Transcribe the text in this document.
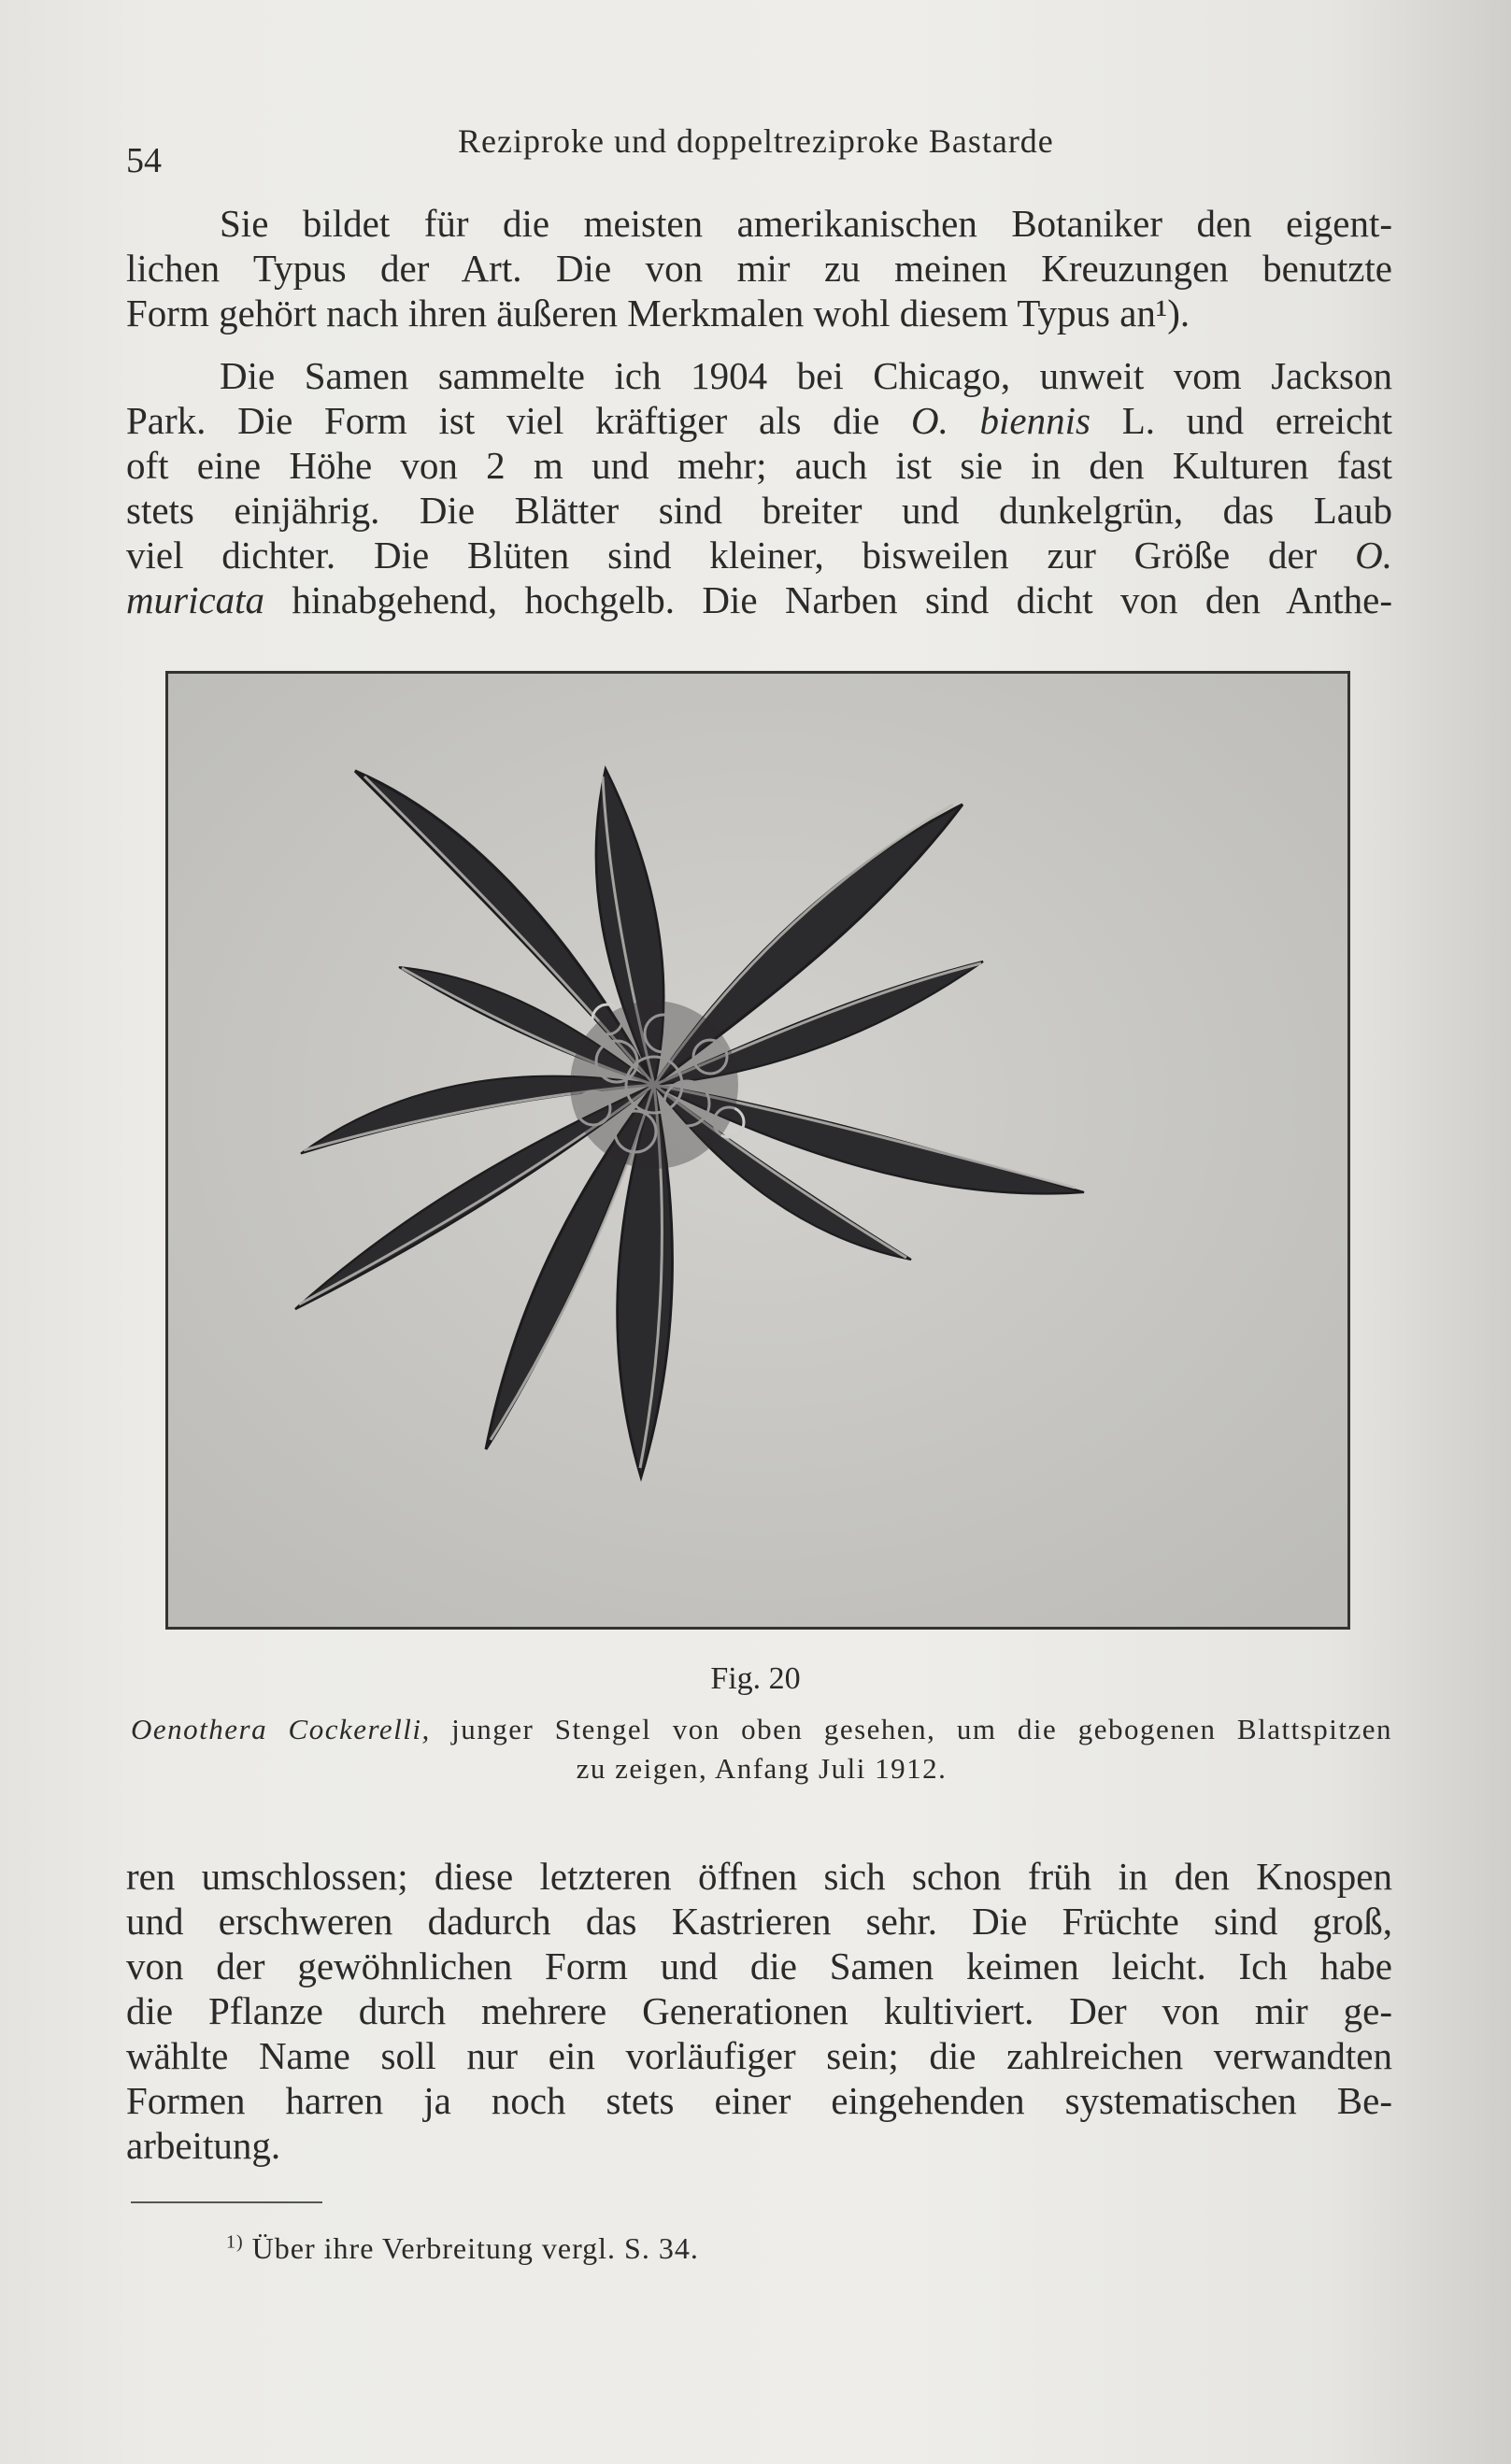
54	Reziproke und doppeltreziproke Bastarde
Sie bildet für die meisten amerikanischen Botaniker den eigent-
lichen Typus der Art. Die von mir zu meinen Kreuzungen benutzte
Form gehört nach ihren äußeren Merkmalen wohl diesem Typus an¹).
Die Samen sammelte ich 1904 bei Chicago, unweit vom Jackson
Park. Die Form ist viel kräftiger als die O. biennis L. und erreicht
oft eine Höhe von 2 m und mehr; auch ist sie in den Kulturen fast
stets einjährig. Die Blätter sind breiter und dunkelgrün, das Laub
viel dichter. Die Blüten sind kleiner, bisweilen zur Größe der O.
muricata hinabgehend, hochgelb. Die Narben sind dicht von den Anthe-
Fig. 20
Oenothera Cockerelli, junger Stengel von oben gesehen, um die gebogenen Blattspitzen
zu zeigen, Anfang Juli 1912.
ren umschlossen; diese letzteren öffnen sich schon früh in den Knospen
und erschweren dadurch das Kastrieren sehr. Die Früchte sind groß,
von der gewöhnlichen Form und die Samen keimen leicht. Ich habe
die Pflanze durch mehrere Generationen kultiviert. Der von mir ge-
wählte Name soll nur ein vorläufiger sein; die zahlreichen verwandten
Formen harren ja noch stets einer eingehenden systematischen Be-
arbeitung.
$^{1)}$ Über ihre Verbreitung vergl. S. 34.
